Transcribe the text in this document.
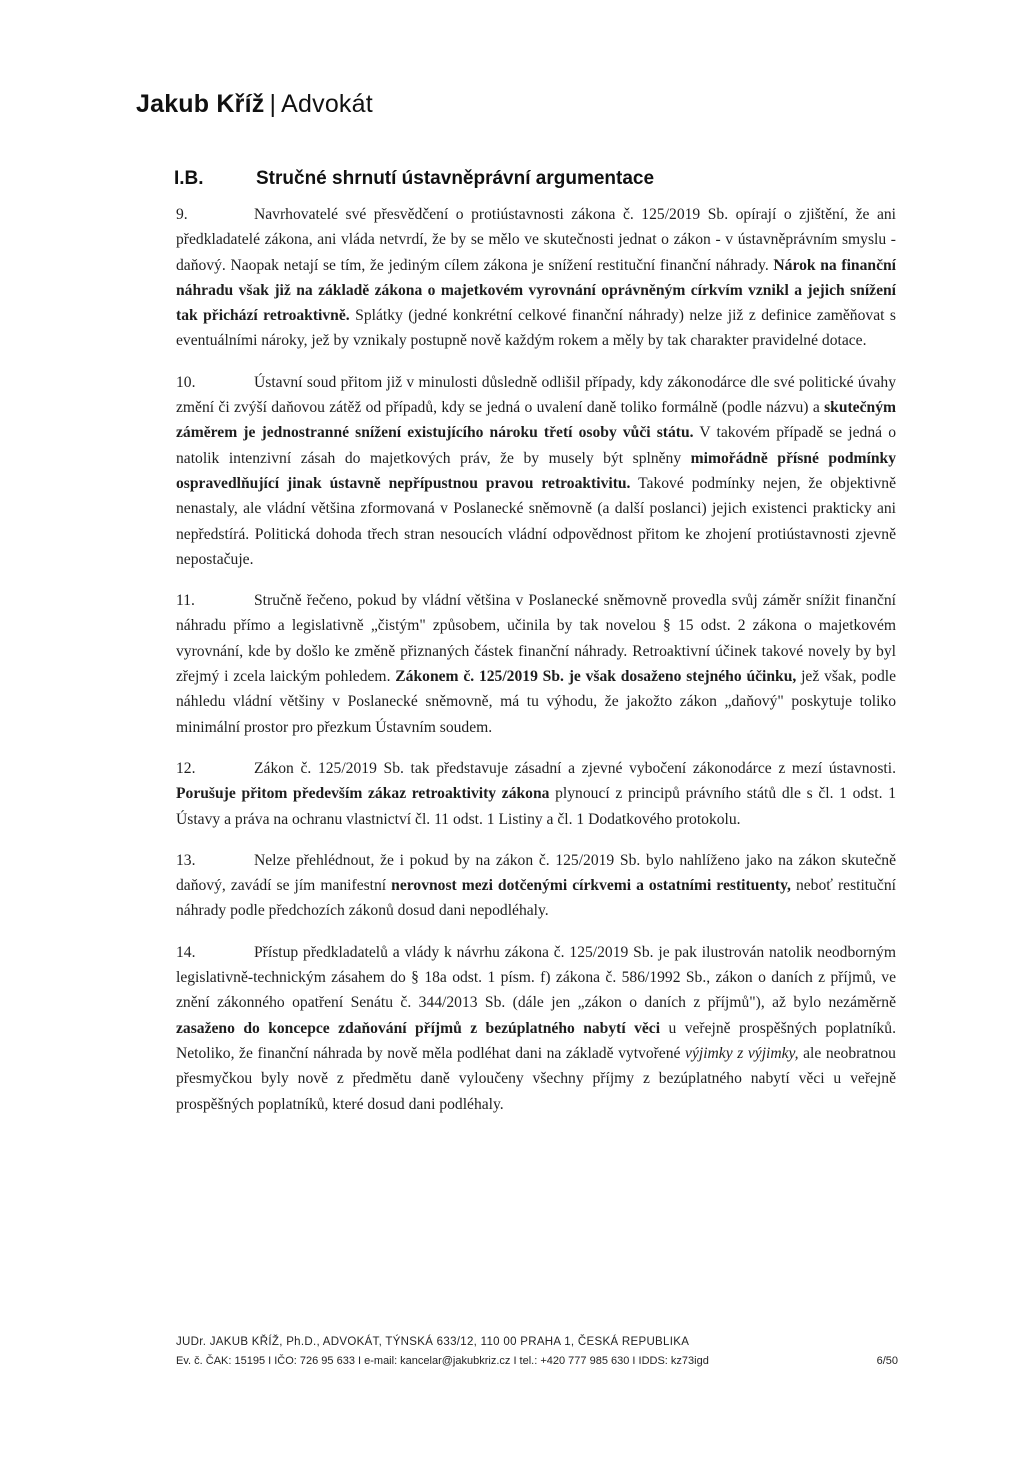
Jakub Kříž | Advokát
I.B.	Stručné shrnutí ústavněprávní argumentace

9.	Navrhovatelé své přesvědčení o protiústavnosti zákona č. 125/2019 Sb. opírají o zjištění, že ani předkladatelé zákona, ani vláda netvrdí, že by se mělo ve skutečnosti jednat o zákon - v ústavněprávním smyslu - daňový. Naopak netají se tím, že jediným cílem zákona je snížení restituční finanční náhrady. Nárok na finanční náhradu však již na základě zákona o majetkovém vyrovnání oprávněným církvím vznikl a jejich snížení tak přichází retroaktivně. Splátky (jedné konkrétní celkové finanční náhrady) nelze již z definice zaměňovat s eventuálními nároky, jež by vznikaly postupně nově každým rokem a měly by tak charakter pravidelné dotace.

10.	Ústavní soud přitom již v minulosti důsledně odlišil případy, kdy zákonodárce dle své politické úvahy změní či zvýší daňovou zátěž od případů, kdy se jedná o uvalení daně toliko formálně (podle názvu) a skutečným záměrem je jednostranné snížení existujícího nároku třetí osoby vůči státu. V takovém případě se jedná o natolik intenzivní zásah do majetkových práv, že by musely být splněny mimořádně přísné podmínky ospravedlňující jinak ústavně nepřípustnou pravou retroaktivitu. Takové podmínky nejen, že objektivně nenastaly, ale vládní většina zformovaná v Poslanecké sněmovně (a další poslanci) jejich existenci prakticky ani nepředstírá. Politická dohoda třech stran nesoucích vládní odpovědnost přitom ke zhojení protiústavnosti zjevně nepostačuje.

11.	Stručně řečeno, pokud by vládní většina v Poslanecké sněmovně provedla svůj záměr snížit finanční náhradu přímo a legislativně „čistým" způsobem, učinila by tak novelou § 15 odst. 2 zákona o majetkovém vyrovnání, kde by došlo ke změně přiznaných částek finanční náhrady. Retroaktivní účinek takové novely by byl zřejmý i zcela laickým pohledem. Zákonem č. 125/2019 Sb. je však dosaženo stejného účinku, jež však, podle náhledu vládní většiny v Poslanecké sněmovně, má tu výhodu, že jakožto zákon „daňový" poskytuje toliko minimální prostor pro přezkum Ústavním soudem.

12.	Zákon č. 125/2019 Sb. tak představuje zásadní a zjevné vybočení zákonodárce z mezí ústavnosti. Porušuje přitom především zákaz retroaktivity zákona plynoucí z principů právního států dle s čl. 1 odst. 1 Ústavy a práva na ochranu vlastnictví čl. 11 odst. 1 Listiny a čl. 1 Dodatkového protokolu.

13.	Nelze přehlédnout, že i pokud by na zákon č. 125/2019 Sb. bylo nahlíženo jako na zákon skutečně daňový, zavádí se jím manifestní nerovnost mezi dotčenými církvemi a ostatními restituenty, neboť restituční náhrady podle předchozích zákonů dosud dani nepodléhaly.

14.	Přístup předkladatelů a vlády k návrhu zákona č. 125/2019 Sb. je pak ilustrován natolik neodborným legislativně-technickým zásahem do § 18a odst. 1 písm. f) zákona č. 586/1992 Sb., zákon o daních z příjmů, ve znění zákonného opatření Senátu č. 344/2013 Sb. (dále jen „zákon o daních z příjmů"), až bylo nezáměrně zasaženo do koncepce zdaňování příjmů z bezúplatného nabytí věci u veřejně prospěšných poplatníků. Netoliko, že finanční náhrada by nově měla podléhat dani na základě vytvořené výjimky z výjimky, ale neobratnou přesmyčkou byly nově z předmětu daně vyloučeny všechny příjmy z bezúplatného nabytí věci u veřejně prospěšných poplatníků, které dosud dani podléhaly.

JUDr. JAKUB KŘÍŽ, Ph.D., ADVOKÁT, TÝNSKÁ 633/12, 110 00 PRAHA 1, ČESKÁ REPUBLIKA
Ev. č. ČAK: 15195 I IČO: 726 95 633 I e-mail: kancelar@jakubkriz.cz I tel.: +420 777 985 630 I IDDS: kz73igd	6/50
